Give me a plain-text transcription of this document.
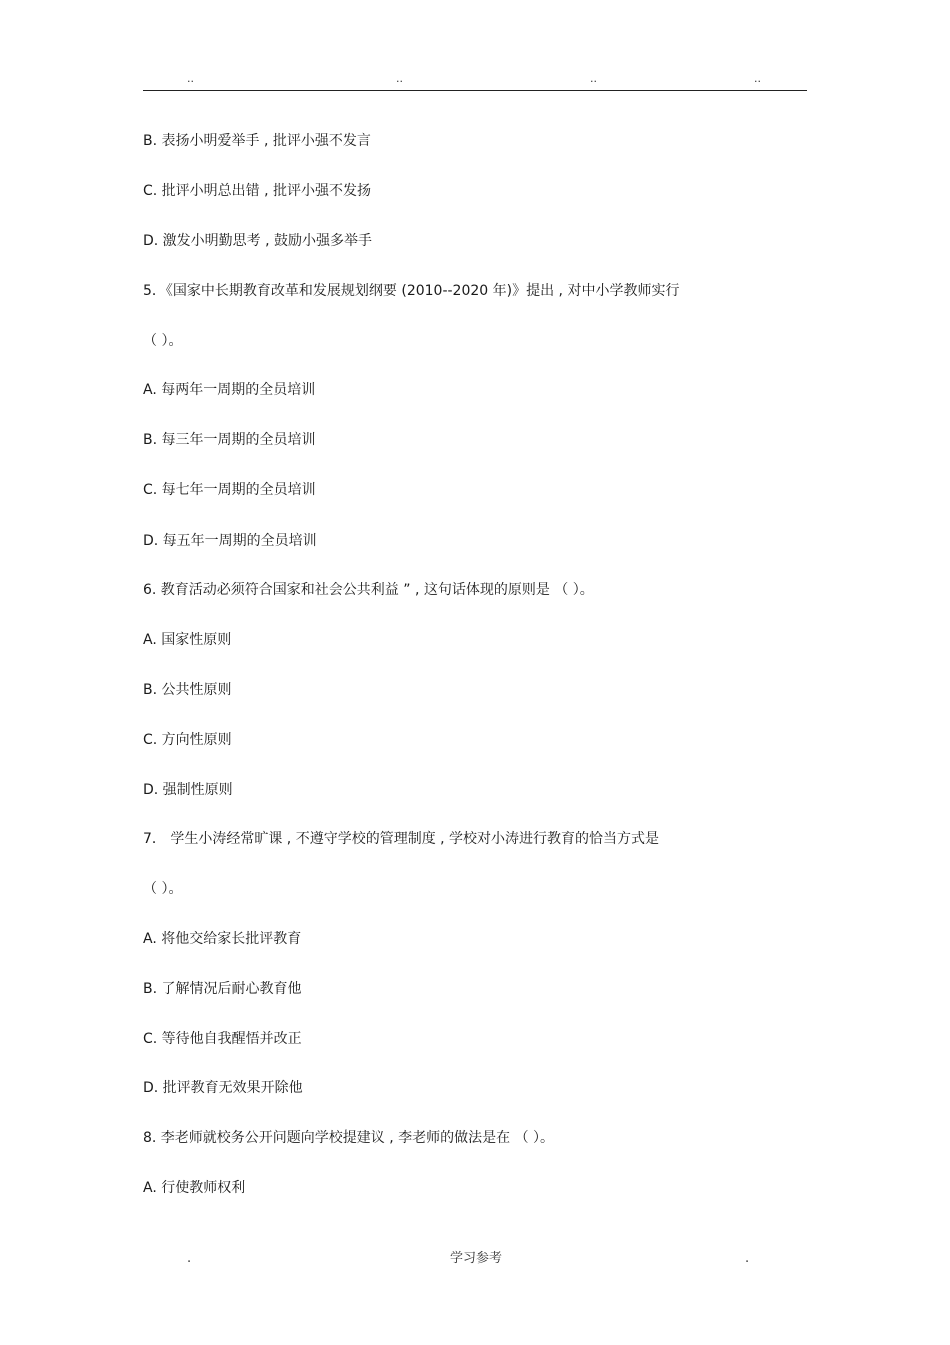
..	..	..	..
B. 表扬小明爱举手 , 批评小强不发言
C. 批评小明总出错 , 批评小强不发扬
D. 激发小明勤思考 , 鼓励小强多举手
5．《国家中长期教育改革和发展规划纲要 (2010--2020 年)》提出 , 对中小学教师实行
（ ）。
A. 每两年一周期的全员培训
B. 每三年一周期的全员培训
C. 每七年一周期的全员培训
D. 每五年一周期的全员培训
6. 教育活动必须符合国家和社会公共利益 ” , 这句话体现的原则是 （ ）。
A. 国家性原则
B. 公共性原则
C. 方向性原则
D. 强制性原则
7． 学生小涛经常旷课 , 不遵守学校的管理制度 , 学校对小涛进行教育的恰当方式是
（ ）。
A. 将他交给家长批评教育
B. 了解情况后耐心教育他
C. 等待他自我醒悟并改正
D. 批评教育无效果开除他
8. 李老师就校务公开问题向学校提建议 , 李老师的做法是在 （ ）。
A. 行使教师权利
.	学习参考	.
